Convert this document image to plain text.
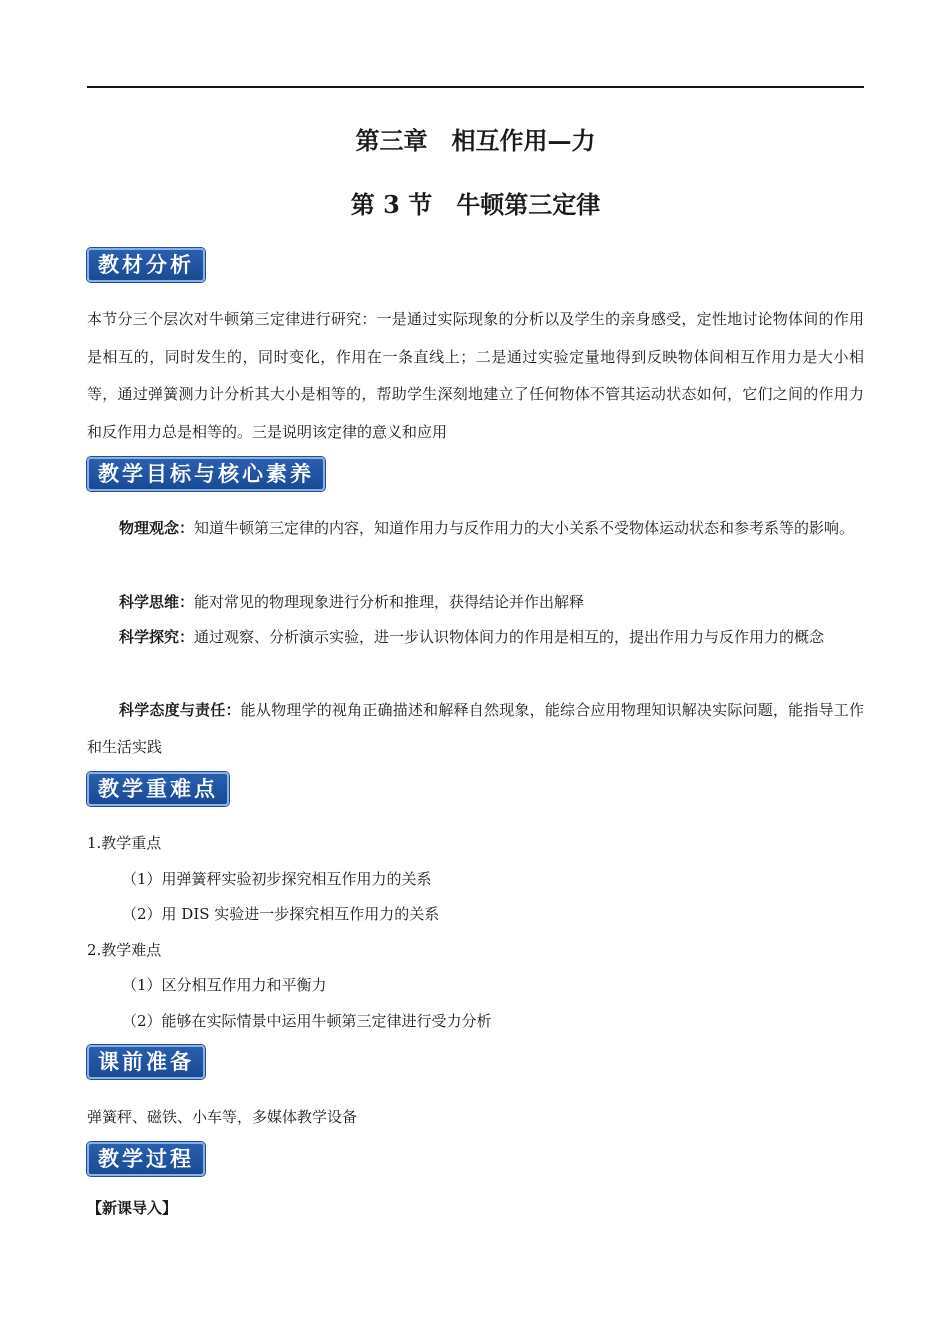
第三章　相互作用—力
第 3 节　牛顿第三定律
教材分析

本节分三个层次对牛顿第三定律进行研究：一是通过实际现象的分析以及学生的亲身感受，定性地讨论物体间的作用是相互的，同时发生的，同时变化，作用在一条直线上；二是通过实验定量地得到反映物体间相互作用力是大小相等，通过弹簧测力计分析其大小是相等的，帮助学生深刻地建立了任何物体不管其运动状态如何，它们之间的作用力和反作用力总是相等的。三是说明该定律的意义和应用

教学目标与核心素养

物理观念：知道牛顿第三定律的内容，知道作用力与反作用力的大小关系不受物体运动状态和参考系等的影响。

科学思维：能对常见的物理现象进行分析和推理，获得结论并作出解释

科学探究：通过观察、分析演示实验，进一步认识物体间力的作用是相互的，提出作用力与反作用力的概念

科学态度与责任：能从物理学的视角正确描述和解释自然现象，能综合应用物理知识解决实际问题，能指导工作和生活实践

教学重难点
1.教学重点
（1）用弹簧秤实验初步探究相互作用力的关系
（2）用 DIS 实验进一步探究相互作用力的关系
2.教学难点
（1）区分相互作用力和平衡力
（2）能够在实际情景中运用牛顿第三定律进行受力分析
课前准备
弹簧秤、磁铁、小车等，多媒体教学设备
教学过程
【新课导入】
